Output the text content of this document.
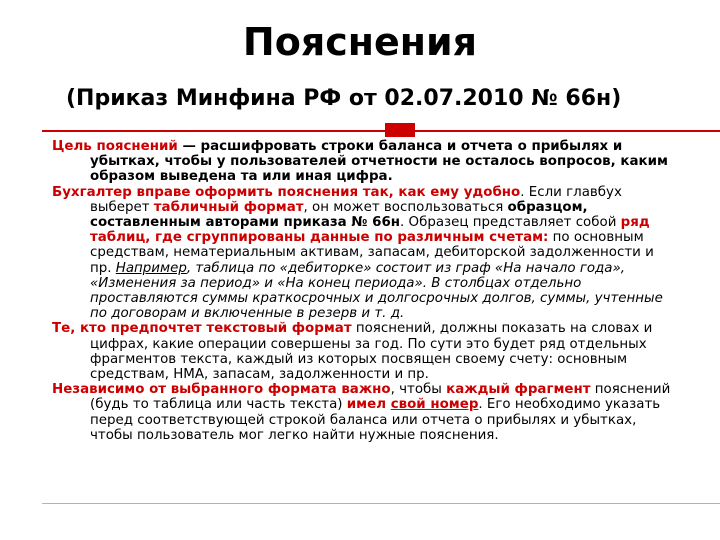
Пояснения

(Приказ Минфина РФ от 02.07.2010 № 66н)

Цель пояснений — расшифровать строки баланса и отчета о прибылях и убытках, чтобы у пользователей отчетности не осталось вопросов, каким образом выведена та или иная цифра.

Бухгалтер вправе оформить пояснения так, как ему удобно. Если главбух выберет табличный формат, он может воспользоваться образцом, составленным авторами приказа № 66н. Образец представляет собой ряд таблиц, где сгруппированы данные по различным счетам: по основным средствам, нематериальным активам, запасам, дебиторской задолженности и пр. Например, таблица по «дебиторке» состоит из граф «На начало года», «Изменения за период» и «На конец периода». В столбцах отдельно проставляются суммы краткосрочных и долгосрочных долгов, суммы, учтенные по договорам и включенные в резерв и т. д.

Те, кто предпочтет текстовый формат пояснений, должны показать на словах и цифрах, какие операции совершены за год. По сути это будет ряд отдельных фрагментов текста, каждый из которых посвящен своему счету: основным средствам, НМА, запасам, задолженности и пр.

Независимо от выбранного формата важно, чтобы каждый фрагмент пояснений (будь то таблица или часть текста) имел свой номер. Его необходимо указать перед соответствующей строкой баланса или отчета о прибылях и убытках, чтобы пользователь мог легко найти нужные пояснения.
